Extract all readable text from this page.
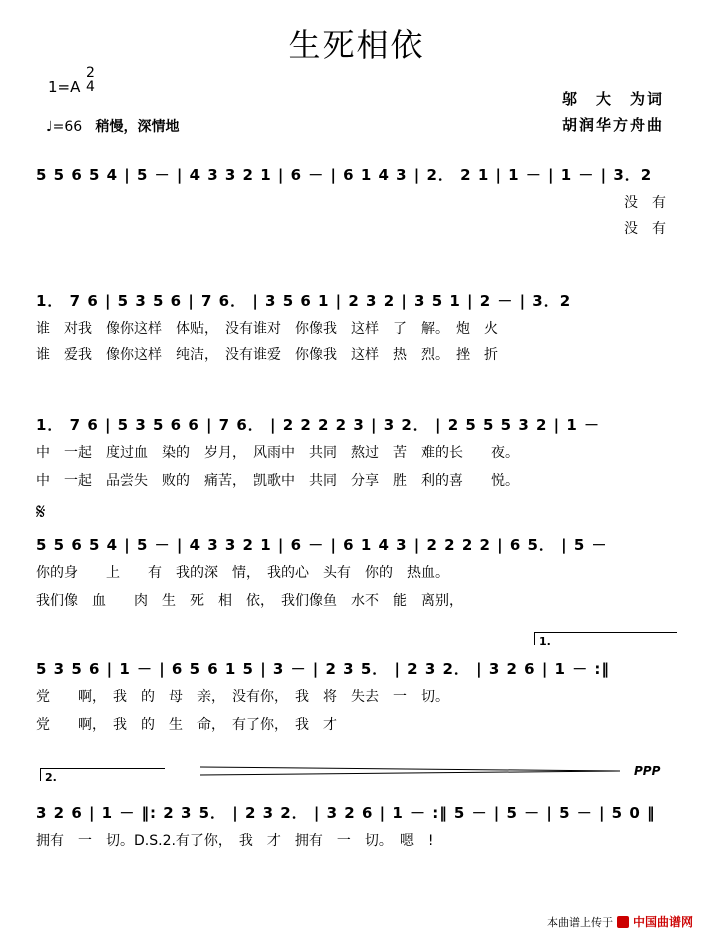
生死相依
1=A
2
4
♩=66 稍慢，深情地
邬　大　为词
胡润华方舟曲
5 5 6 5 4 | 5 － | 4 3 3 2 1 | 6 － | 6 1 4 3 | 2． 2 1 | 1 － | 1 － | 3．2
没　有
没　有
1． 7 6 | 5 3 5 6 | 7 6． | 3 5 6 1 | 2 3 2 | 3 5 1 | 2 － | 3．2
谁　对我　像你这样　体贴，　没有谁对　你像我　这样　了　解。　炮　火
谁　爱我　像你这样　纯洁，　没有谁爱　你像我　这样　热　烈。　挫　折
1． 7 6 | 5 3 5 6 6 | 7 6． | 2 2 2 2 3 | 3 2． | 2 5 5 5 3 2 | 1 －
中　一起　度过血　染的　岁月，　风雨中　共同　熬过　苦　难的长　　夜。
中　一起　品尝失　败的　痛苦，　凯歌中　共同　分享　胜　利的喜　　悦。
𝄋
5 5 6 5 4 | 5 － | 4 3 3 2 1 | 6 － | 6 1 4 3 | 2 2 2 2 | 6 5． | 5 －
你的身　　上　　有　我的深　情，　我的心　头有　你的　热血。
我们像　血　　肉　生　死　相　依，　我们像鱼　水不　能　离别，
1.
5 3 5 6 | 1 － | 6 5 6 1 5 | 3 － | 2 3 5． | 2 3 2． | 3 2 6 | 1 － :‖
党　　啊，　我　的　母　亲，　没有你，　我　将　失去　一　切。
党　　啊，　我　的　生　命，　有了你，　我　才
2.	PPP
3 2 6 | 1 － ‖: 2 3 5． | 2 3 2． | 3 2 6 | 1 － :‖ 5 － | 5 － | 5 － | 5 0 ‖
拥有　一　切。D.S.2.有了你，　我　才　拥有　一　切。　嗯　!
本曲谱上传于 中国曲谱网
